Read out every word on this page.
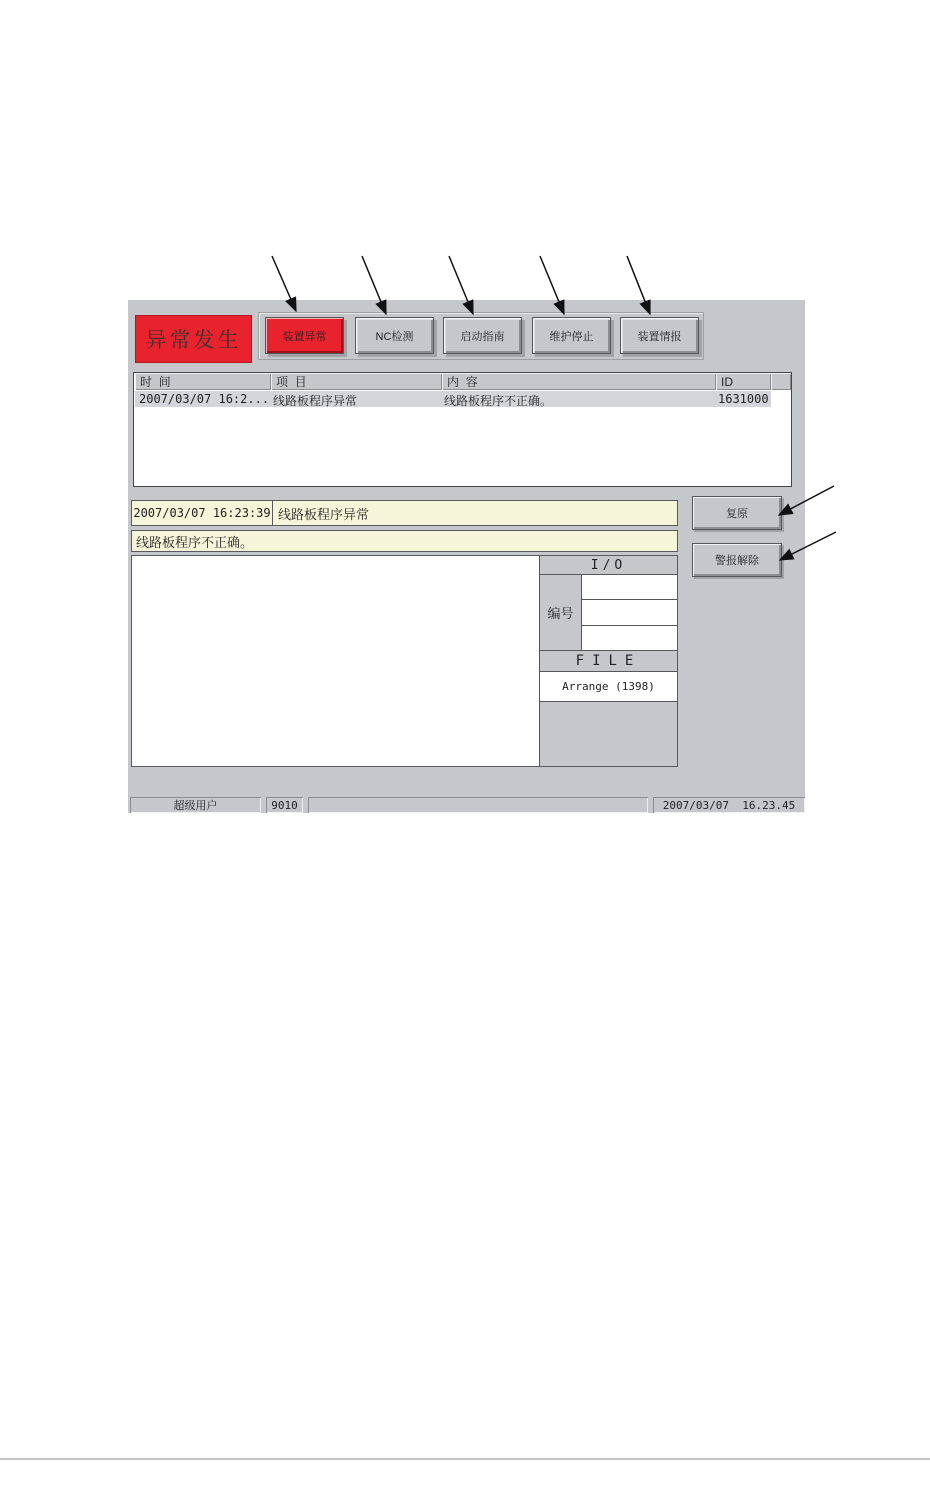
异常发生	装置异常	NC检测	启动指南	维护停止	装置情报
时  间	项  目	内  容	ID
2007/03/07 16:2... 线路板程序异常	线路板程序不正确。	1631000
2007/03/07 16:23:39 线路板程序异常
线路板程序不正确。
I/O
编号
FILE
Arrange (1398)
复原
警报解除
超级用户	9010	2007/03/07  16.23.45
